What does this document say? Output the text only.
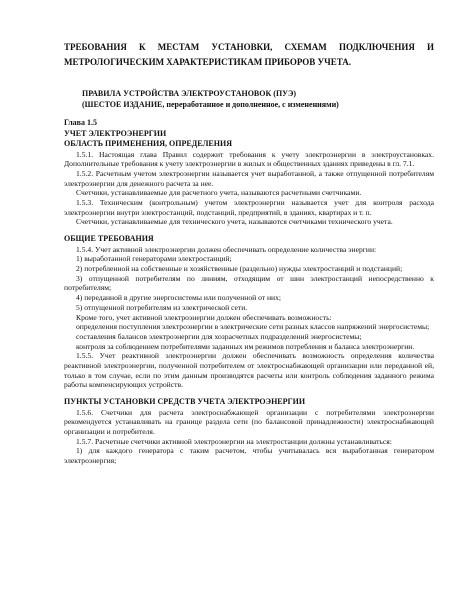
ТРЕБОВАНИЯ К МЕСТАМ УСТАНОВКИ, СХЕМАМ ПОДКЛЮЧЕНИЯ И МЕТРОЛОГИЧЕСКИМ ХАРАКТЕРИСТИКАМ ПРИБОРОВ УЧЕТА.
ПРАВИЛА УСТРОЙСТВА ЭЛЕКТРОУСТАНОВОК (ПУЭ)
(ШЕСТОЕ ИЗДАНИЕ, переработанное и дополненное, с изменениями)

Глава 1.5

УЧЕТ ЭЛЕКТРОЭНЕРГИИ

ОБЛАСТЬ ПРИМЕНЕНИЯ, ОПРЕДЕЛЕНИЯ

1.5.1. Настоящая глава Правил содержит требования к учету электроэнергии в электроустановках. Дополнительные требования к учету электроэнергии в жилых и общественных зданиях приведены в гл. 7.1.

1.5.2. Расчетным учетом электроэнергии называется учет выработанной, а также отпущенной потребителям электроэнергии для денежного расчета за нее.

Счетчики, устанавливаемые для расчетного учета, называются расчетными счетчиками.

1.5.3. Техническим (контрольным) учетом электроэнергии называется учет для контроля расхода электроэнергии внутри электростанций, подстанций, предприятий, в зданиях, квартирах и т. п.

Счетчики, устанавливаемые для технического учета, называются счетчиками технического учета.

ОБЩИЕ ТРЕБОВАНИЯ

1.5.4. Учет активной электроэнергии должен обеспечивать определение количества энергии:

1) выработанной генераторами электростанций;

2) потребленной на собственные и хозяйственные (раздельно) нужды электростанций и подстанций;

3) отпущенной потребителям по линиям, отходящим от шин электростанций непосредственно к потребителям;

4) переданной в другие энергосистемы или полученной от них;

5) отпущенной потребителям из электрической сети.

Кроме того, учет активной электроэнергии должен обеспечивать возможность:

определения поступления электроэнергии в электрические сети разных классов напряжений энергосистемы;

составления балансов электроэнергии для хозрасчетных подразделений энергосистемы;

контроля за соблюдением потребителями заданных им режимов потребления и баланса электроэнергии.

1.5.5. Учет реактивной электроэнергии должен обеспечивать возможность определения количества реактивной электроэнергии, полученной потребителем от электроснабжающей организации или переданной ей, только в том случае, если по этим данным производятся расчеты или контроль соблюдения заданного режима работы компенсирующих устройств.

ПУНКТЫ УСТАНОВКИ СРЕДСТВ УЧЕТА ЭЛЕКТРОЭНЕРГИИ

1.5.6. Счетчики для расчета электроснабжающей организации с потребителями электроэнергии рекомендуется устанавливать на границе раздела сети (по балансовой принадлежности) электроснабжающей организации и потребителя.

1.5.7. Расчетные счетчики активной электроэнергии на электростанции должны устанавливаться:

1) для каждого генератора с таким расчетом, чтобы учитывалась вся выработанная генератором электроэнергия;
